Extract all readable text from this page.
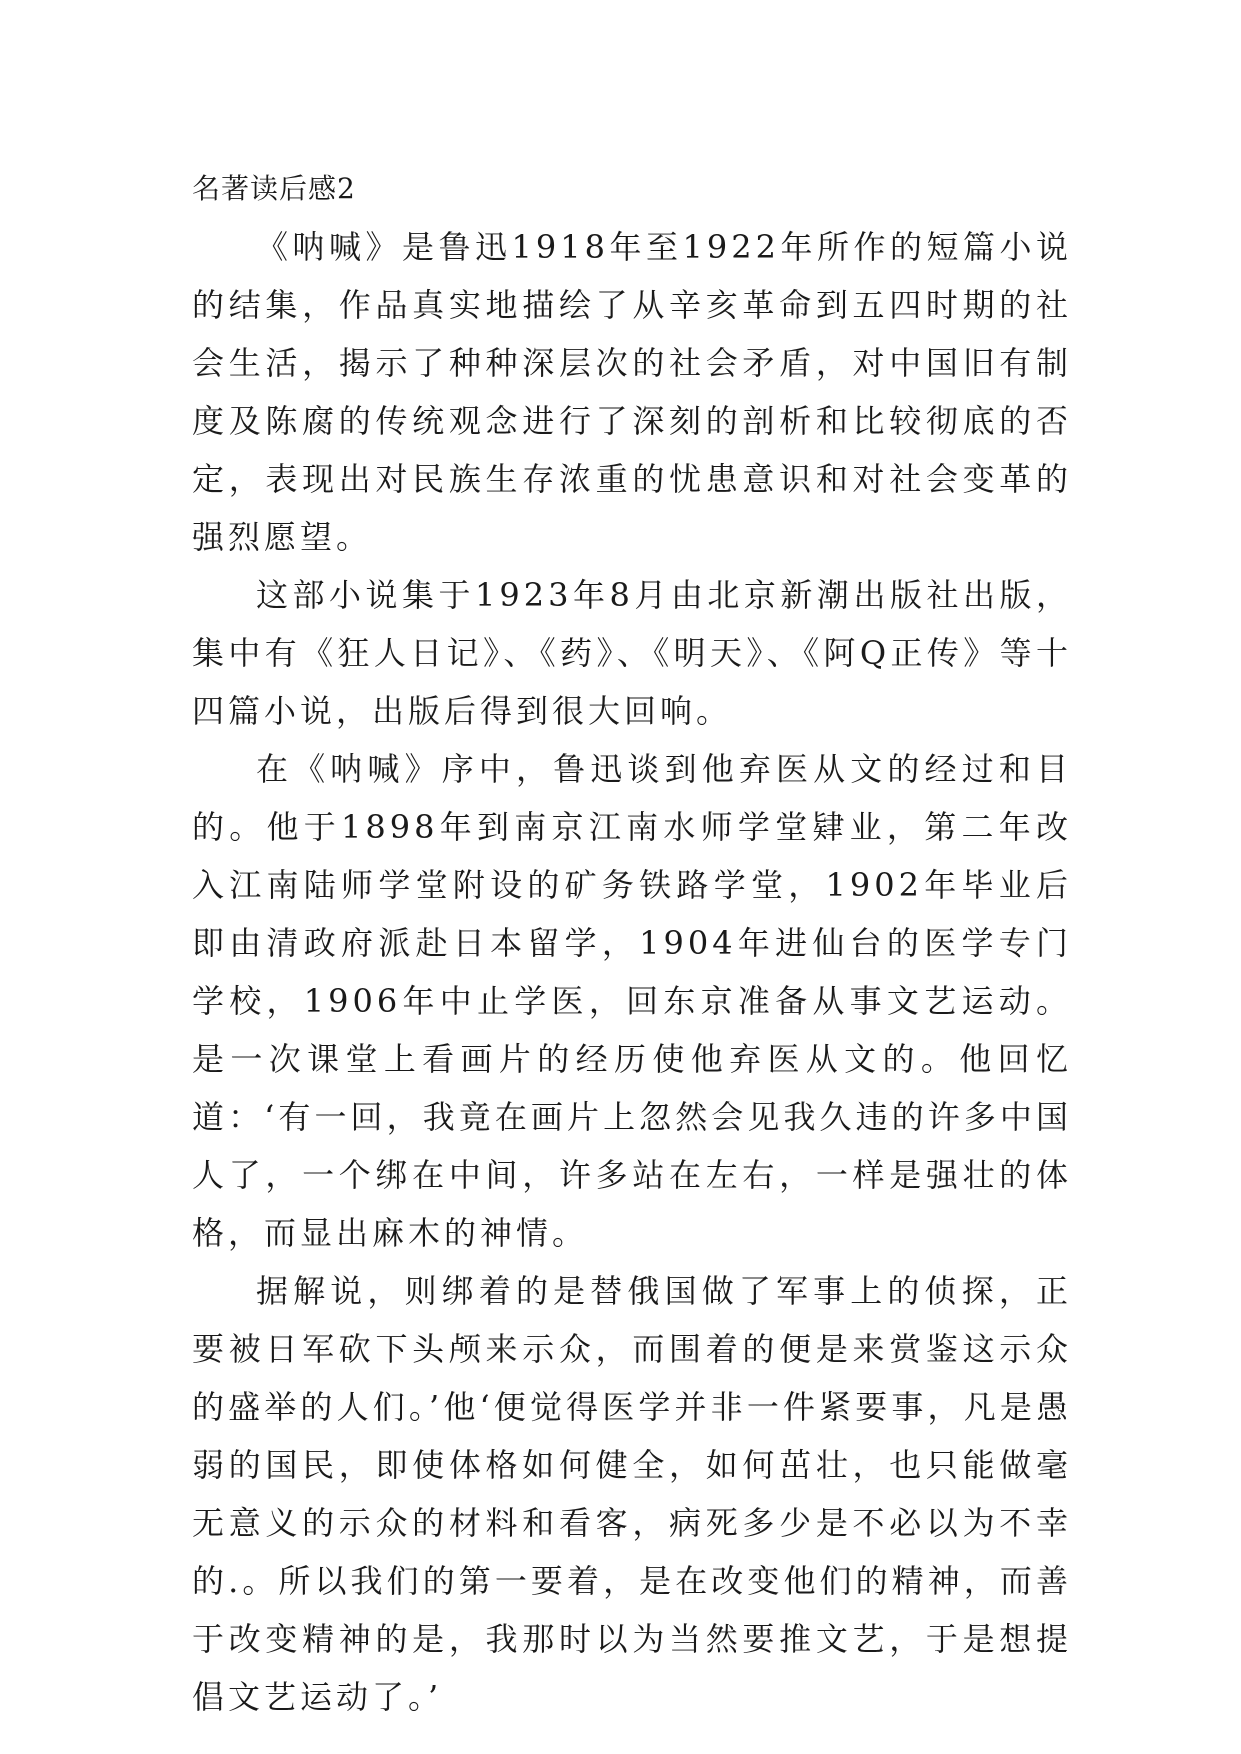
名著读后感2

《呐喊》是鲁迅1918年至1922年所作的短篇小说的结集，作品真实地描绘了从辛亥革命到五四时期的社会生活，揭示了种种深层次的社会矛盾，对中国旧有制度及陈腐的传统观念进行了深刻的剖析和比较彻底的否定，表现出对民族生存浓重的忧患意识和对社会变革的强烈愿望。

这部小说集于1923年8月由北京新潮出版社出版，集中有《狂人日记》、《药》、《明天》、《阿Q正传》等十四篇小说，出版后得到很大回响。

在《呐喊》序中，鲁迅谈到他弃医从文的经过和目的。他于1898年到南京江南水师学堂肄业，第二年改入江南陆师学堂附设的矿务铁路学堂，1902年毕业后即由清政府派赴日本留学，1904年进仙台的医学专门学校，1906年中止学医，回东京准备从事文艺运动。是一次课堂上看画片的经历使他弃医从文的。他回忆道：‘有一回，我竟在画片上忽然会见我久违的许多中国人了，一个绑在中间，许多站在左右，一样是强壮的体格，而显出麻木的神情。

据解说，则绑着的是替俄国做了军事上的侦探，正要被日军砍下头颅来示众，而围着的便是来赏鉴这示众的盛举的人们。’他‘便觉得医学并非一件紧要事，凡是愚弱的国民，即使体格如何健全，如何茁壮，也只能做毫无意义的示众的材料和看客，病死多少是不必以为不幸的.。所以我们的第一要着，是在改变他们的精神，而善于改变精神的是，我那时以为当然要推文艺，于是想提倡文艺运动了。’
